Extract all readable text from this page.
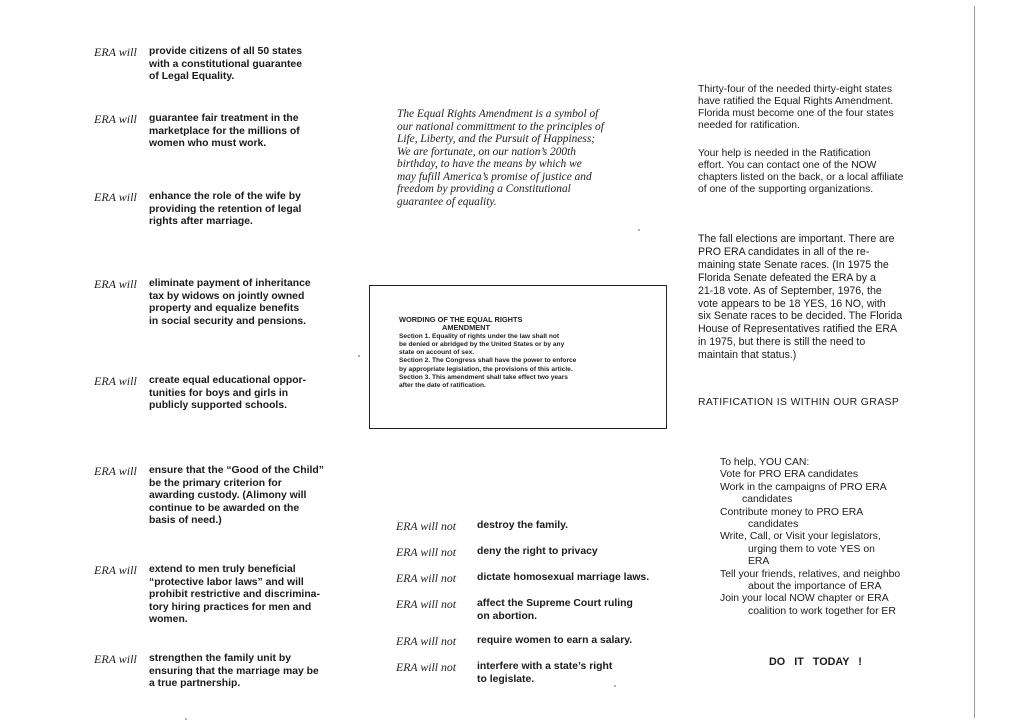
ERA will provide citizens of all 50 states
with a constitutional guarantee
of Legal Equality.
ERA will guarantee fair treatment in the
marketplace for the millions of
women who must work.
ERA will enhance the role of the wife by
providing the retention of legal
rights after marriage.
ERA will eliminate payment of inheritance
tax by widows on jointly owned
property and equalize benefits
in social security and pensions.
ERA will create equal educational oppor-
tunities for boys and girls in
publicly supported schools.
ERA will ensure that the “Good of the Child”
be the primary criterion for
awarding custody. (Alimony will
continue to be awarded on the
basis of need.)
ERA will extend to men truly beneficial
“protective labor laws” and will
prohibit restrictive and discrimina-
tory hiring practices for men and
women.
ERA will strengthen the family unit by
ensuring that the marriage may be
a true partnership.
The Equal Rights Amendment is a symbol of
our national committment to the principles of
Life, Liberty, and the Pursuit of Happiness;
We are fortunate, on our nation’s 200th
birthday, to have the means by which we
may fufill America’s promise of justice and
freedom by providing a Constitutional
guarantee of equality.
WORDING OF THE EQUAL RIGHTS
AMENDMENT
Section 1. Equality of rights under the law shall not
be denied or abridged by the United States or by any
state on account of sex.
Section 2. The Congress shall have the power to enforce
by appropriate legislation, the provisions of this article.
Section 3. This amendment shall take effect two years
after the date of ratification.
ERA will not destroy the family.
ERA will not deny the right to privacy
ERA will not dictate homosexual marriage laws.
ERA will not affect the Supreme Court ruling
on abortion.
ERA will not require women to earn a salary.
ERA will not interfere with a state’s right
to legislate.
Thirty-four of the needed thirty-eight states
have ratified the Equal Rights Amendment.
Florida must become one of the four states
needed for ratification.
Your help is needed in the Ratification
effort. You can contact one of the NOW
chapters listed on the back, or a local affiliate
of one of the supporting organizations.
The fall elections are important. There are
PRO ERA candidates in all of the re-
maining state Senate races. (In 1975 the
Florida Senate defeated the ERA by a
21-18 vote. As of September, 1976, the
vote appears to be 18 YES, 16 NO, with
six Senate races to be decided. The Florida
House of Representatives ratified the ERA
in 1975, but there is still the need to
maintain that status.)
RATIFICATION IS WITHIN OUR GRASP
To help, YOU CAN:
Vote for PRO ERA candidates
Work in the campaigns of PRO ERA
candidates
Contribute money to PRO ERA
candidates
Write, Call, or Visit your legislators,
urging them to vote YES on
ERA
Tell your friends, relatives, and neighbo
about the importance of ERA
Join your local NOW chapter or ERA
coalition to work together for ER
DO IT TODAY !
